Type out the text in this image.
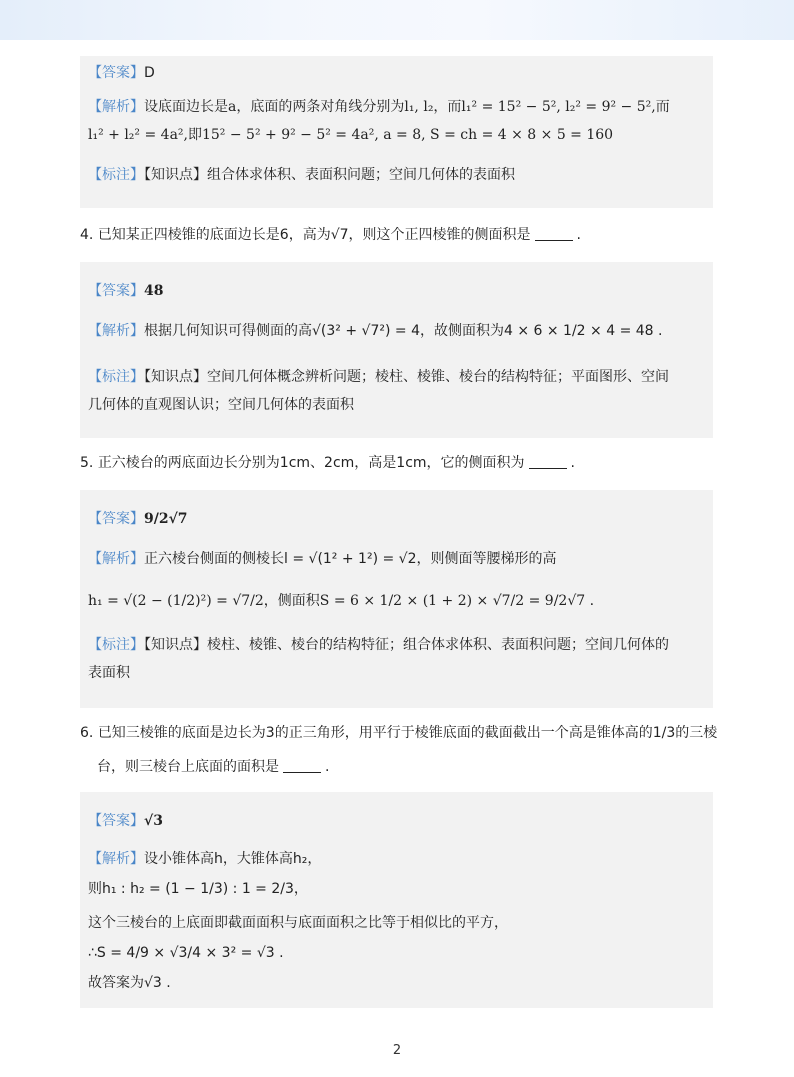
【答案】D
【解析】设底面边长是a，底面的两条对角线分别为l₁, l₂，而l₁² = 15² − 5², l₂² = 9² − 5²,而
l₁² + l₂² = 4a²,即15² − 5² + 9² − 5² = 4a², a = 8, S = ch = 4 × 8 × 5 = 160
【标注】【知识点】组合体求体积、表面积问题；空间几何体的表面积
4. 已知某正四棱锥的底面边长是6，高为√7，则这个正四棱锥的侧面积是	.
【答案】48
【解析】根据几何知识可得侧面的高√(3² + √7²) = 4，故侧面积为4 × 6 × 1/2 × 4 = 48 .
【标注】【知识点】空间几何体概念辨析问题；棱柱、棱锥、棱台的结构特征；平面图形、空间
几何体的直观图认识；空间几何体的表面积
5. 正六棱台的两底面边长分别为1cm、2cm，高是1cm，它的侧面积为	.
【答案】9/2√7
【解析】正六棱台侧面的侧棱长l = √(1² + 1²) = √2，则侧面等腰梯形的高
h₁ = √(2 − (1/2)²) = √7/2，侧面积S = 6 × 1/2 × (1 + 2) × √7/2 = 9/2√7 .
【标注】【知识点】棱柱、棱锥、棱台的结构特征；组合体求体积、表面积问题；空间几何体的
表面积
6. 已知三棱锥的底面是边长为3的正三角形，用平行于棱锥底面的截面截出一个高是锥体高的1/3的三棱
台，则三棱台上底面的面积是	.
【答案】√3
【解析】设小锥体高h，大锥体高h₂，
则h₁ : h₂ = (1 − 1/3) : 1 = 2/3，
这个三棱台的上底面即截面面积与底面面积之比等于相似比的平方，
∴S = 4/9 × √3/4 × 3² = √3 .
故答案为√3 .
2
